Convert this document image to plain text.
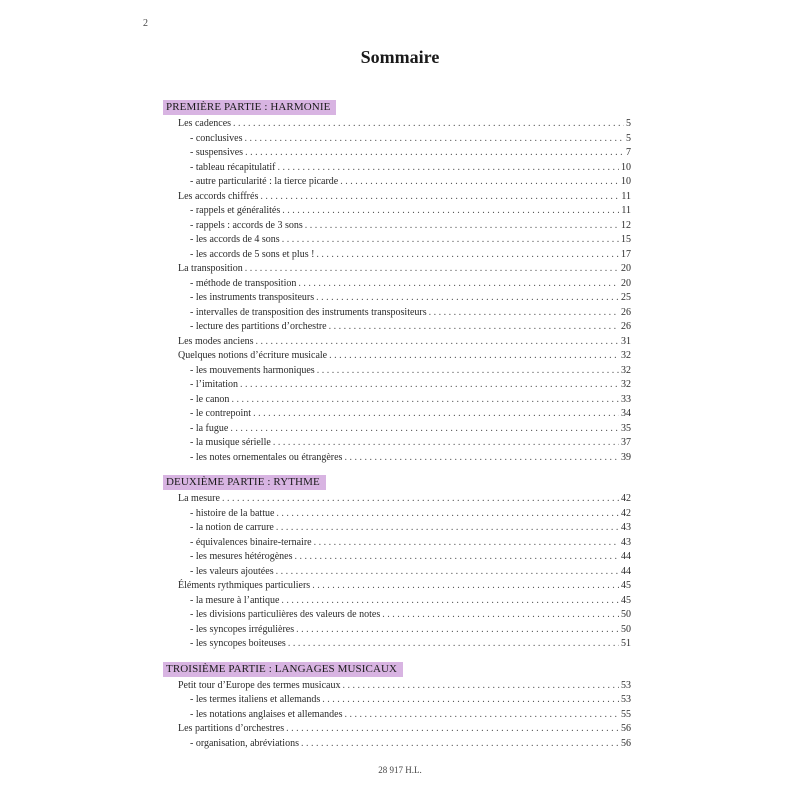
2
Sommaire
PREMIÈRE PARTIE : HARMONIE
Les cadences . . .	5
- conclusives . . .	5
- suspensives . . .	7
- tableau récapitulatif . . .	10
- autre particularité : la tierce picarde . . .	10
Les accords chiffrés . . .	11
- rappels et généralités . . .	11
- rappels : accords de 3 sons . . .	12
- les accords de 4 sons . . .	15
- les accords de 5 sons et plus ! . . .	17
La transposition . . .	20
- méthode de transposition . . .	20
- les instruments transpositeurs . . .	25
- intervalles de transposition des instruments transpositeurs . . .	26
- lecture des partitions d’orchestre . . .	26
Les modes anciens . . .	31
Quelques notions d’écriture musicale . . .	32
- les mouvements harmoniques . . .	32
- l’imitation . . .	32
- le canon . . .	33
- le contrepoint . . .	34
- la fugue . . .	35
- la musique sérielle . . .	37
- les notes ornementales ou étrangères . . .	39
DEUXIÈME PARTIE : RYTHME
La mesure . . .	42
- histoire de la battue . . .	42
- la notion de carrure . . .	43
- équivalences binaire-ternaire . . .	43
- les mesures hétérogènes . . .	44
- les valeurs ajoutées . . .	44
Éléments rythmiques particuliers . . .	45
- la mesure à l’antique . . .	45
- les divisions particulières des valeurs de notes . . .	50
- les syncopes irrégulières . . .	50
- les syncopes boiteuses . . .	51
TROISIÈME PARTIE : LANGAGES MUSICAUX
Petit tour d’Europe des termes musicaux . . .	53
- les termes italiens et allemands . . .	53
- les notations anglaises et allemandes . . .	55
Les partitions d’orchestres . . .	56
- organisation, abréviations . . .	56
28 917 H.L.
